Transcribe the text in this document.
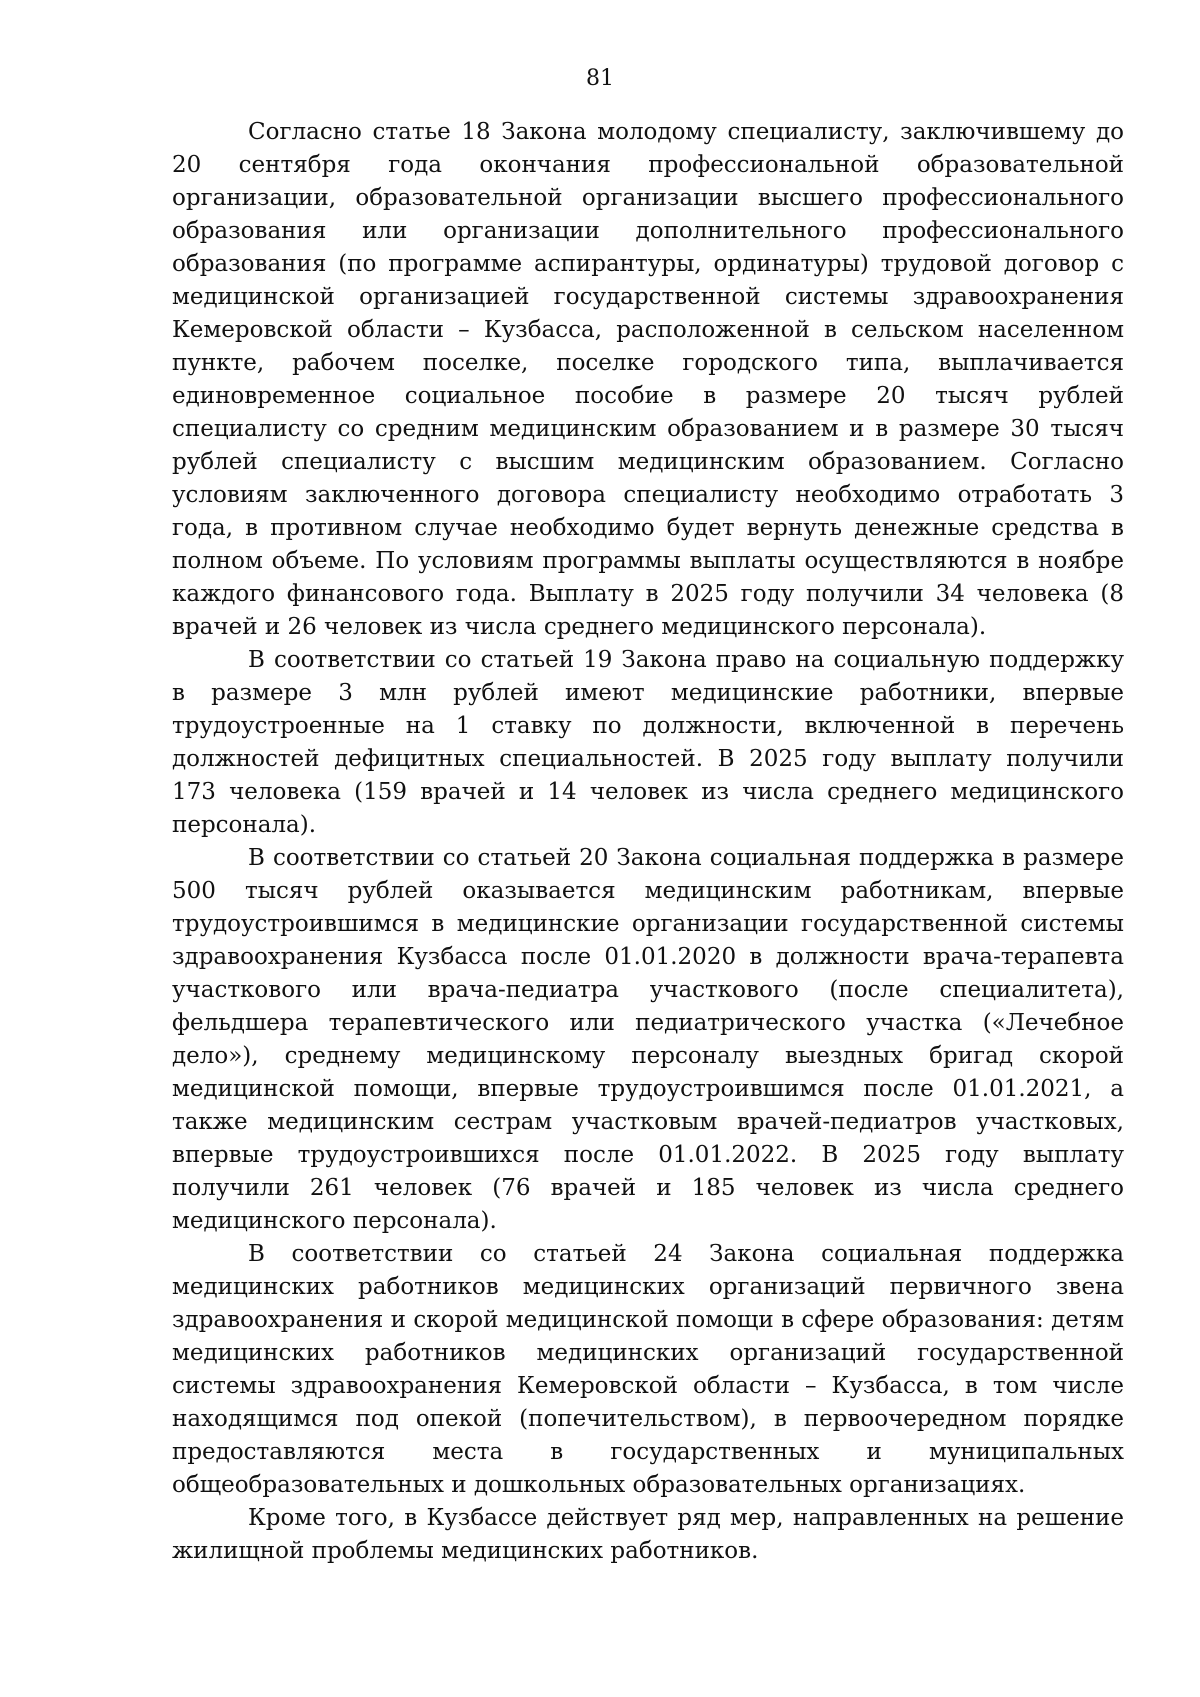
81

Согласно статье 18 Закона молодому специалисту, заключившему до 20 сентября года окончания профессиональной образовательной организации, образовательной организации высшего профессионального образования или организации дополнительного профессионального образования (по программе аспирантуры, ординатуры) трудовой договор с медицинской организацией государственной системы здравоохранения Кемеровской области – Кузбасса, расположенной в сельском населенном пункте, рабочем поселке, поселке городского типа, выплачивается единовременное социальное пособие в размере 20 тысяч рублей специалисту со средним медицинским образованием и в размере 30 тысяч рублей специалисту с высшим медицинским образованием. Согласно условиям заключенного договора специалисту необходимо отработать 3 года, в противном случае необходимо будет вернуть денежные средства в полном объеме. По условиям программы выплаты осуществляются в ноябре каждого финансового года. Выплату в 2025 году получили 34 человека (8 врачей и 26 человек из числа среднего медицинского персонала).

В соответствии со статьей 19 Закона право на социальную поддержку в размере 3 млн рублей имеют медицинские работники, впервые трудоустроенные на 1 ставку по должности, включенной в перечень должностей дефицитных специальностей. В 2025 году выплату получили 173 человека (159 врачей и 14 человек из числа среднего медицинского персонала).

В соответствии со статьей 20 Закона социальная поддержка в размере 500 тысяч рублей оказывается медицинским работникам, впервые трудоустроившимся в медицинские организации государственной системы здравоохранения Кузбасса после 01.01.2020 в должности врача-терапевта участкового или врача-педиатра участкового (после специалитета), фельдшера терапевтического или педиатрического участка («Лечебное дело»), среднему медицинскому персоналу выездных бригад скорой медицинской помощи, впервые трудоустроившимся после 01.01.2021, а также медицинским сестрам участковым врачей-педиатров участковых, впервые трудоустроившихся после 01.01.2022. В 2025 году выплату получили 261 человек (76 врачей и 185 человек из числа среднего медицинского персонала).

В соответствии со статьей 24 Закона социальная поддержка медицинских работников медицинских организаций первичного звена здравоохранения и скорой медицинской помощи в сфере образования: детям медицинских работников медицинских организаций государственной системы здравоохранения Кемеровской области – Кузбасса, в том числе находящимся под опекой (попечительством), в первоочередном порядке предоставляются места в государственных и муниципальных общеобразовательных и дошкольных образовательных организациях.

Кроме того, в Кузбассе действует ряд мер, направленных на решение жилищной проблемы медицинских работников.
